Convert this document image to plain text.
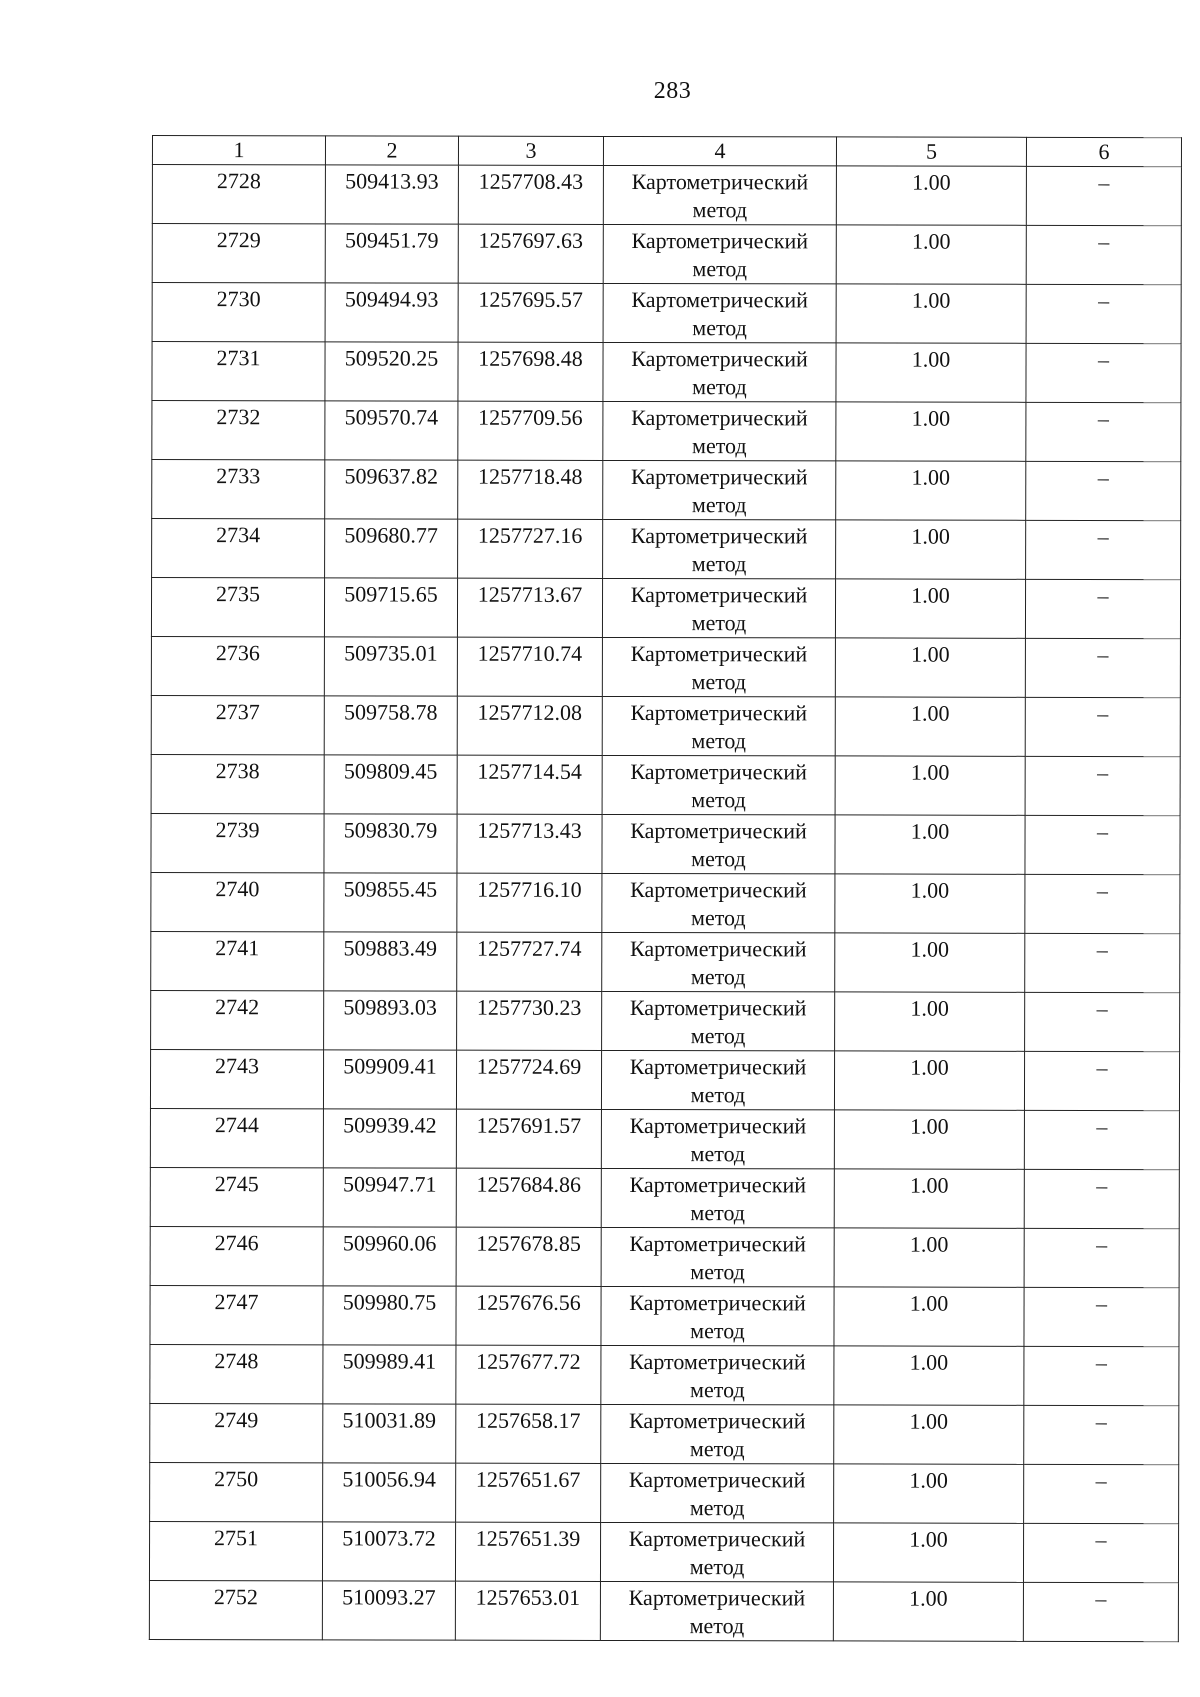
283
1	2	3	4	5	6
2728	509413.93	1257708.43	Картометрический метод	1.00	–
2729	509451.79	1257697.63	Картометрический метод	1.00	–
2730	509494.93	1257695.57	Картометрический метод	1.00	–
2731	509520.25	1257698.48	Картометрический метод	1.00	–
2732	509570.74	1257709.56	Картометрический метод	1.00	–
2733	509637.82	1257718.48	Картометрический метод	1.00	–
2734	509680.77	1257727.16	Картометрический метод	1.00	–
2735	509715.65	1257713.67	Картометрический метод	1.00	–
2736	509735.01	1257710.74	Картометрический метод	1.00	–
2737	509758.78	1257712.08	Картометрический метод	1.00	–
2738	509809.45	1257714.54	Картометрический метод	1.00	–
2739	509830.79	1257713.43	Картометрический метод	1.00	–
2740	509855.45	1257716.10	Картометрический метод	1.00	–
2741	509883.49	1257727.74	Картометрический метод	1.00	–
2742	509893.03	1257730.23	Картометрический метод	1.00	–
2743	509909.41	1257724.69	Картометрический метод	1.00	–
2744	509939.42	1257691.57	Картометрический метод	1.00	–
2745	509947.71	1257684.86	Картометрический метод	1.00	–
2746	509960.06	1257678.85	Картометрический метод	1.00	–
2747	509980.75	1257676.56	Картометрический метод	1.00	–
2748	509989.41	1257677.72	Картометрический метод	1.00	–
2749	510031.89	1257658.17	Картометрический метод	1.00	–
2750	510056.94	1257651.67	Картометрический метод	1.00	–
2751	510073.72	1257651.39	Картометрический метод	1.00	–
2752	510093.27	1257653.01	Картометрический метод	1.00	–
